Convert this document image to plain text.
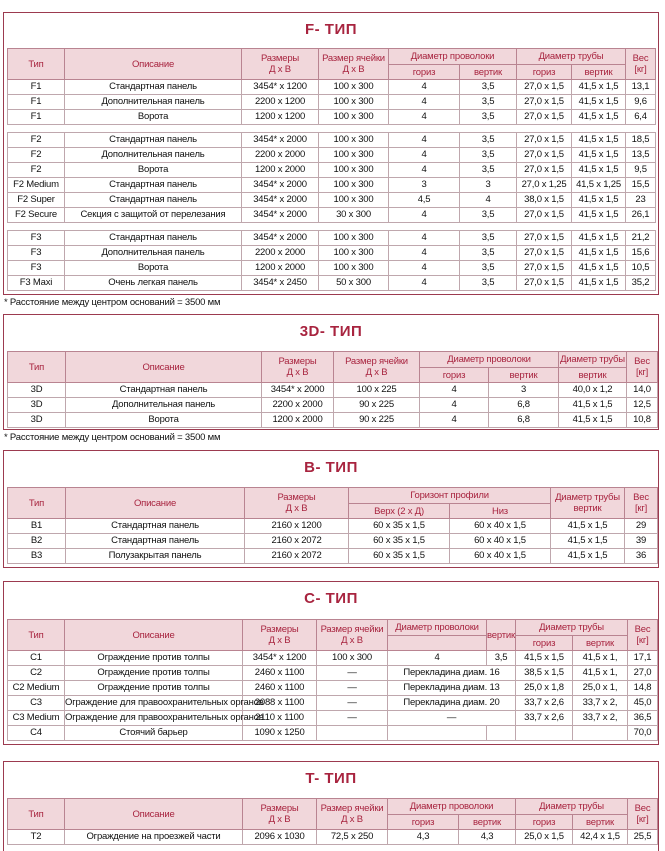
F- ТИП
Тип	Описание	Размеры
Д x В	Размер ячейки
Д x В	Диаметр проволоки		Диаметр трубы		Вес
[кг]

				гориз	вертик	гориз	вертик	
F1	Стандартная панель	3454* x 1200	100 x 300	4	3,5	27,0 x 1,5	41,5 x 1,5	13,1
F1	Дополнительная панель	2200 x 1200	100 x 300	4	3,5	27,0 x 1,5	41,5 x 1,5	9,6
F1	Ворота	1200 x 1200	100 x 300	4	3,5	27,0 x 1,5	41,5 x 1,5	6,4

F2	Стандартная панель	3454* x 2000	100 x 300	4	3,5	27,0 x 1,5	41,5 x 1,5	18,5
F2	Дополнительная панель	2200 x 2000	100 x 300	4	3,5	27,0 x 1,5	41,5 x 1,5	13,5
F2	Ворота	1200 x 2000	100 x 300	4	3,5	27,0 x 1,5	41,5 x 1,5	9,5
F2 Medium	Стандартная панель	3454* x 2000	100 x 300	3	3	27,0 x 1,25	41,5 x 1,25	15,5
F2 Super	Стандартная панель	3454* x 2000	100 x 300	4,5	4	38,0 x 1,5	41,5 x 1,5	23
F2 Secure	Секция с защитой от перелезания	3454* x 2000	30 x 300	4	3,5	27,0 x 1,5	41,5 x 1,5	26,1

F3	Стандартная панель	3454* x 2000	100 x 300	4	3,5	27,0 x 1,5	41,5 x 1,5	21,2
F3	Дополнительная панель	2200 x 2000	100 x 300	4	3,5	27,0 x 1,5	41,5 x 1,5	15,6
F3	Ворота	1200 x 2000	100 x 300	4	3,5	27,0 x 1,5	41,5 x 1,5	10,5
F3 Maxi	Очень легкая панель	3454* x 2450	50 x 300	4	3,5	27,0 x 1,5	41,5 x 1,5	35,2
* Расстояние между центром оснований = 3500 мм
3D- ТИП
Тип	Описание	Размеры
Д x В	Размер ячейки
Д x В	Диаметр проволоки		Диаметр трубы	Вес
[кг]

				гориз	вертик	вертик	
3D	Стандартная панель	3454* x 2000	100 x 225	4	3	40,0 x 1,2	14,0
3D	Дополнительная панель	2200 x 2000	90 x 225	4	6,8	41,5 x 1,5	12,5
3D	Ворота	1200 x 2000	90 x 225	4	6,8	41,5 x 1,5	10,8
* Расстояние между центром оснований = 3500 мм
B- ТИП
Тип	Описание	Размеры
Д x В	Горизонт профили		Диаметр трубы
вертик	Вес
[кг]

			Верх (2 x Д)	Низ		
B1	Стандартная панель	2160 x 1200	60 x 35 x 1,5	60 x 40 x 1,5	41,5 x 1,5	29
B2	Стандартная панель	2160 x 2072	60 x 35 x 1,5	60 x 40 x 1,5	41,5 x 1,5	39
B3	Полузакрытая панель	2160 x 2072	60 x 35 x 1,5	60 x 40 x 1,5	41,5 x 1,5	36
C- ТИП
Тип	Описание	Размеры
Д x В	Размер ячейки
Д x В	Диаметр проволоки	вертик	Диаметр трубы		Вес
[кг]

						гориз	вертик	
C1	Ограждение против толпы	3454* x 1200	100 x 300	4	3,5	41,5 x 1,5	41,5 x 1,	17,1
C2	Ограждение против толпы	2460 x 1100	—	Перекладина диам. 16		38,5 x 1,5	41,5 x 1,	27,0
C2 Medium	Ограждение против толпы	2460 x 1100	—	Перекладина диам. 13		25,0 x 1,8	25,0 x 1,	14,8
C3	Ограждение для правоохранительных органов	2088 x 1100	—	Перекладина диам. 20		33,7 x 2,6	33,7 x 2,	45,0
C3 Medium	Ограждение для правоохранительных органов	2110 x 1100	—	—		33,7 x 2,6	33,7 x 2,	36,5
C4	Стоячий барьер	1090 x 1250						70,0
T- ТИП
Тип	Описание	Размеры
Д x В	Размер ячейки
Д x В	Диаметр проволоки		Диаметр трубы		Вес
[кг]

				гориз	вертик	гориз	вертик	
T2	Ограждение на проезжей части	2096 x 1030	72,5 x 250	4,3	4,3	25,0 x 1,5	42,4 x 1,5	25,5
